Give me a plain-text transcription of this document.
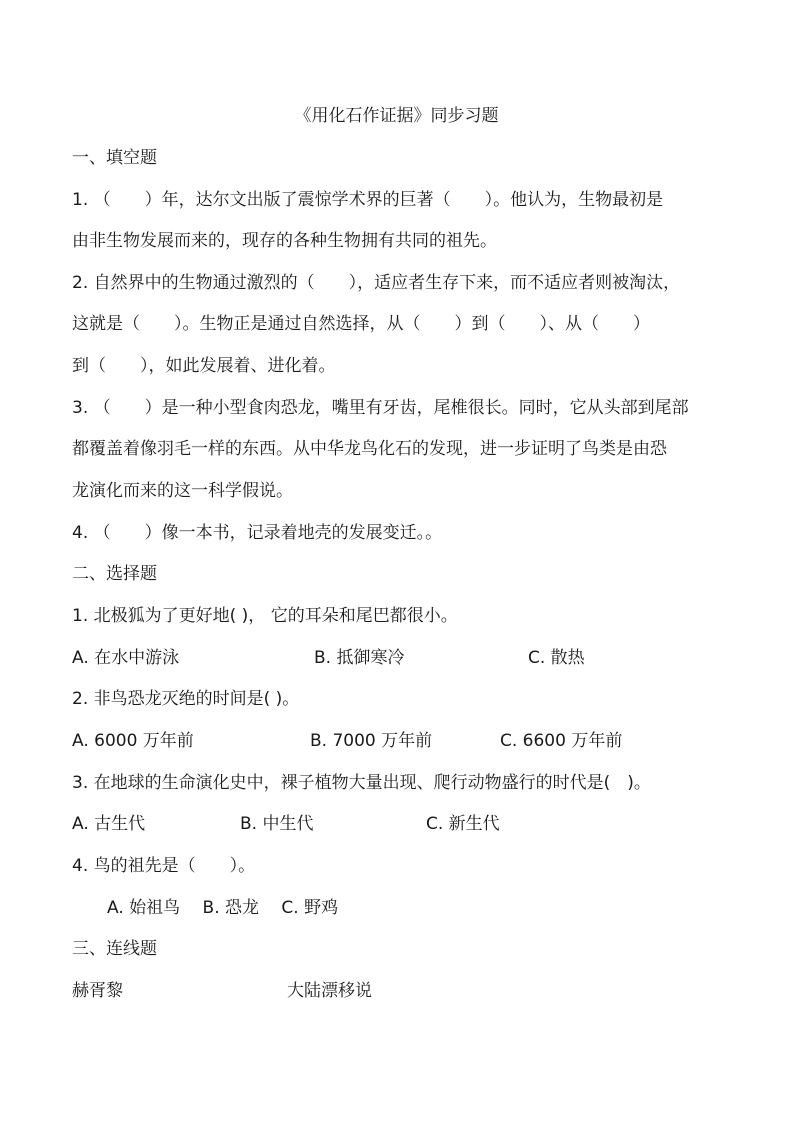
《用化石作证据》同步习题
一、填空题
1. （　　）年，达尔文出版了震惊学术界的巨著（　　）。他认为，生物最初是
由非生物发展而来的，现存的各种生物拥有共同的祖先。
2. 自然界中的生物通过激烈的（　　），适应者生存下来，而不适应者则被淘汰，
这就是（　　）。生物正是通过自然选择，从（　　）到（　　）、从（　　）
到（　　），如此发展着、进化着。
3. （　　）是一种小型食肉恐龙，嘴里有牙齿，尾椎很长。同时，它从头部到尾部
都覆盖着像羽毛一样的东西。从中华龙鸟化石的发现，进一步证明了鸟类是由恐
龙演化而来的这一科学假说。
4. （　　）像一本书，记录着地壳的发展变迁。。
二、选择题
1. 北极狐为了更好地( )， 它的耳朵和尾巴都很小。
A. 在水中游泳	B. 抵御寒冷	C. 散热
2. 非鸟恐龙灭绝的时间是( )。
A. 6000 万年前	B. 7000 万年前	C. 6600 万年前
3. 在地球的生命演化史中，裸子植物大量出现、爬行动物盛行的时代是(　)。
A. 古生代	B. 中生代	C. 新生代
4. 鸟的祖先是（　　）。
A. 始祖鸟　 B. 恐龙　 C. 野鸡
三、连线题
赫胥黎	大陆漂移说
